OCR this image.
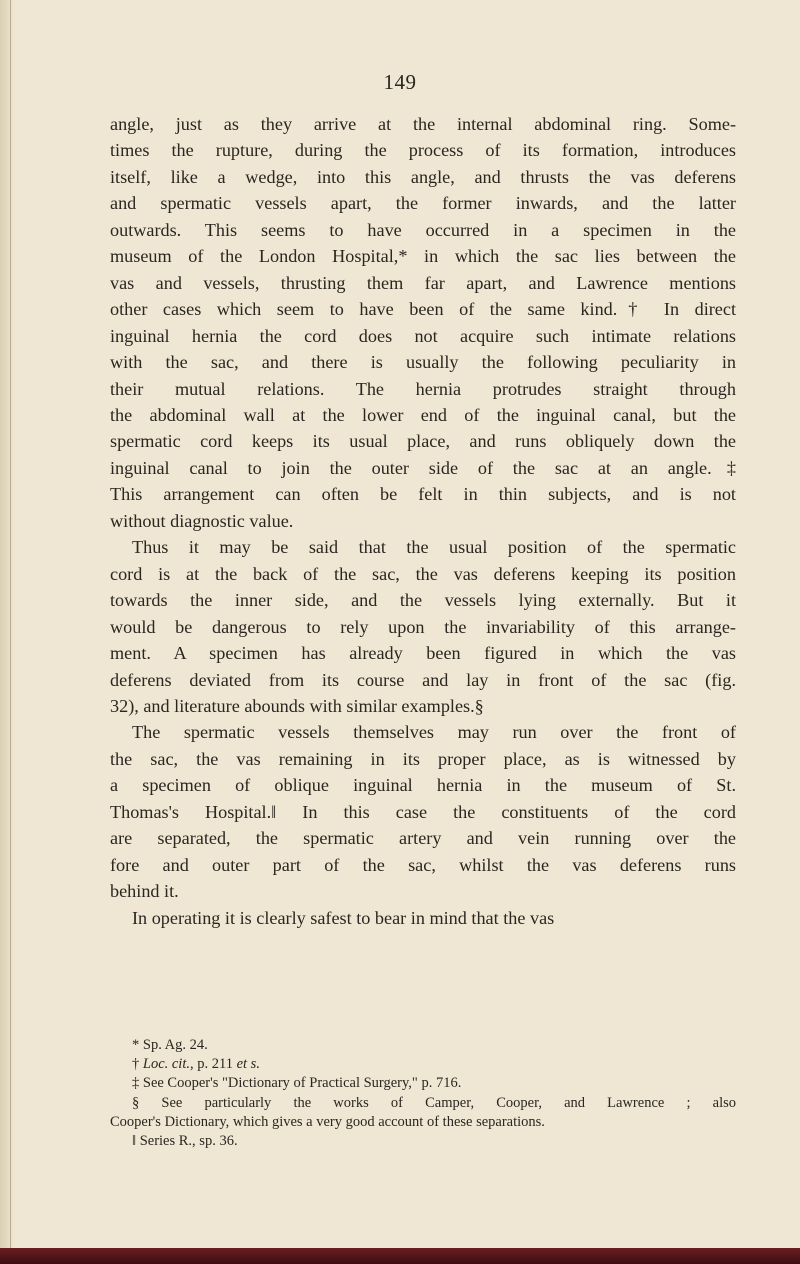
149

angle, just as they arrive at the internal abdominal ring. Some-

times the rupture, during the process of its formation, introduces

itself, like a wedge, into this angle, and thrusts the vas deferens

and spermatic vessels apart, the former inwards, and the latter

outwards. This seems to have occurred in a specimen in the

museum of the London Hospital,* in which the sac lies between the

vas and vessels, thrusting them far apart, and Lawrence mentions

other cases which seem to have been of the same kind.† In direct

inguinal hernia the cord does not acquire such intimate relations

with the sac, and there is usually the following peculiarity in

their mutual relations. The hernia protrudes straight through

the abdominal wall at the lower end of the inguinal canal, but the

spermatic cord keeps its usual place, and runs obliquely down the

inguinal canal to join the outer side of the sac at an angle.‡

This arrangement can often be felt in thin subjects, and is not

without diagnostic value.

Thus it may be said that the usual position of the spermatic

cord is at the back of the sac, the vas deferens keeping its position

towards the inner side, and the vessels lying externally. But it

would be dangerous to rely upon the invariability of this arrange-

ment. A specimen has already been figured in which the vas

deferens deviated from its course and lay in front of the sac (fig.

32), and literature abounds with similar examples.§

The spermatic vessels themselves may run over the front of

the sac, the vas remaining in its proper place, as is witnessed by

a specimen of oblique inguinal hernia in the museum of St.

Thomas's Hospital.‖ In this case the constituents of the cord

are separated, the spermatic artery and vein running over the

fore and outer part of the sac, whilst the vas deferens runs

behind it.

In operating it is clearly safest to bear in mind that the vas

* Sp. Ag. 24.

† Loc. cit., p. 211 et s.

‡ See Cooper's "Dictionary of Practical Surgery," p. 716.

§ See particularly the works of Camper, Cooper, and Lawrence ; also

Cooper's Dictionary, which gives a very good account of these separations.

‖ Series R., sp. 36.
